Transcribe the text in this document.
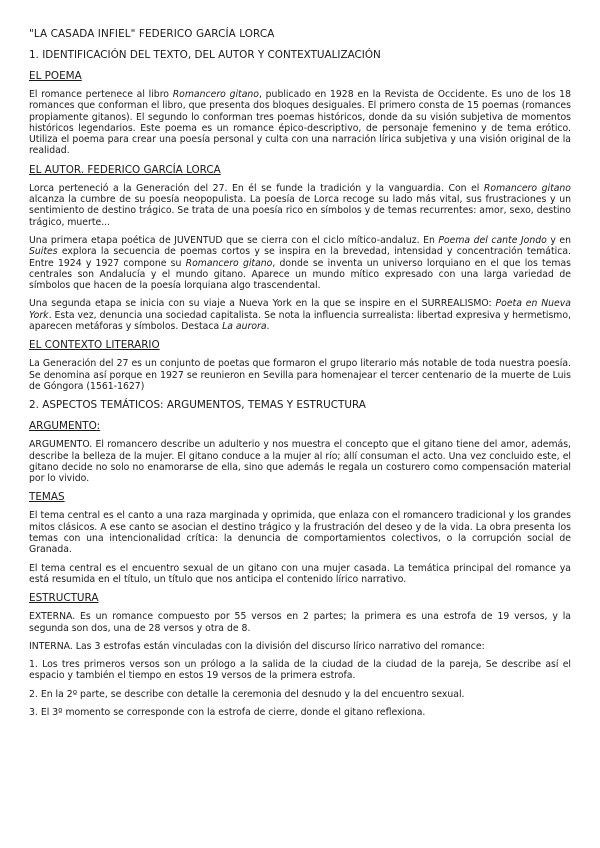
"LA CASADA INFIEL" FEDERICO GARCÍA LORCA
1. IDENTIFICACIÓN DEL TEXTO, DEL AUTOR Y CONTEXTUALIZACIÓN
EL POEMA

El romance pertenece al libro Romancero gitano, publicado en 1928 en la Revista de Occidente. Es uno de los 18 romances que conforman el libro, que presenta dos bloques desiguales. El primero consta de 15 poemas (romances propiamente gitanos). El segundo lo conforman tres poemas históricos, donde da su visión subjetiva de momentos históricos legendarios. Este poema es un romance épico-descriptivo, de personaje femenino y de tema erótico. Utiliza el poema para crear una poesía personal y culta con una narración lírica subjetiva y una visión original de la realidad.

EL AUTOR. FEDERICO GARCÍA LORCA

Lorca perteneció a la Generación del 27. En él se funde la tradición y la vanguardia. Con el Romancero gitano alcanza la cumbre de su poesía neopopulista. La poesía de Lorca recoge su lado más vital, sus frustraciones y un sentimiento de destino trágico. Se trata de una poesía rico en símbolos y de temas recurrentes: amor, sexo, destino trágico, muerte...

Una primera etapa poética de JUVENTUD que se cierra con el ciclo mítico-andaluz. En Poema del cante Jondo y en Suites explora la secuencia de poemas cortos y se inspira en la brevedad, intensidad y concentración temática. Entre 1924 y 1927 compone su Romancero gitano, donde se inventa un universo lorquiano en el que los temas centrales son Andalucía y el mundo gitano. Aparece un mundo mítico expresado con una larga variedad de símbolos que hacen de la poesía lorquiana algo trascendental.

Una segunda etapa se inicia con su viaje a Nueva York en la que se inspire en el SURREALISMO: Poeta en Nueva York. Esta vez, denuncia una sociedad capitalista. Se nota la influencia surrealista: libertad expresiva y hermetismo, aparecen metáforas y símbolos. Destaca La aurora.

EL CONTEXTO LITERARIO

La Generación del 27 es un conjunto de poetas que formaron el grupo literario más notable de toda nuestra poesía. Se denomina así porque en 1927 se reunieron en Sevilla para homenajear el tercer centenario de la muerte de Luis de Góngora (1561-1627)

2. ASPECTOS TEMÁTICOS: ARGUMENTOS, TEMAS Y ESTRUCTURA
ARGUMENTO:

ARGUMENTO. El romancero describe un adulterio y nos muestra el concepto que el gitano tiene del amor, además, describe la belleza de la mujer. El gitano conduce a la mujer al río; allí consuman el acto. Una vez concluido este, el gitano decide no solo no enamorarse de ella, sino que además le regala un costurero como compensación material por lo vivido.

TEMAS

El tema central es el canto a una raza marginada y oprimida, que enlaza con el romancero tradicional y los grandes mitos clásicos. A ese canto se asocian el destino trágico y la frustración del deseo y de la vida. La obra presenta los temas con una intencionalidad crítica: la denuncia de comportamientos colectivos, o la corrupción social de Granada.

El tema central es el encuentro sexual de un gitano con una mujer casada. La temática principal del romance ya está resumida en el título, un título que nos anticipa el contenido lírico narrativo.

ESTRUCTURA

EXTERNA. Es un romance compuesto por 55 versos en 2 partes; la primera es una estrofa de 19 versos, y la segunda son dos, una de 28 versos y otra de 8.

INTERNA. Las 3 estrofas están vinculadas con la división del discurso lírico narrativo del romance:

1. Los tres primeros versos son un prólogo a la salida de la ciudad de la ciudad de la pareja, Se describe así el espacio y también el tiempo en estos 19 versos de la primera estrofa.

2. En la 2º parte, se describe con detalle la ceremonia del desnudo y la del encuentro sexual.

3. El 3º momento se corresponde con la estrofa de cierre, donde el gitano reflexiona.
